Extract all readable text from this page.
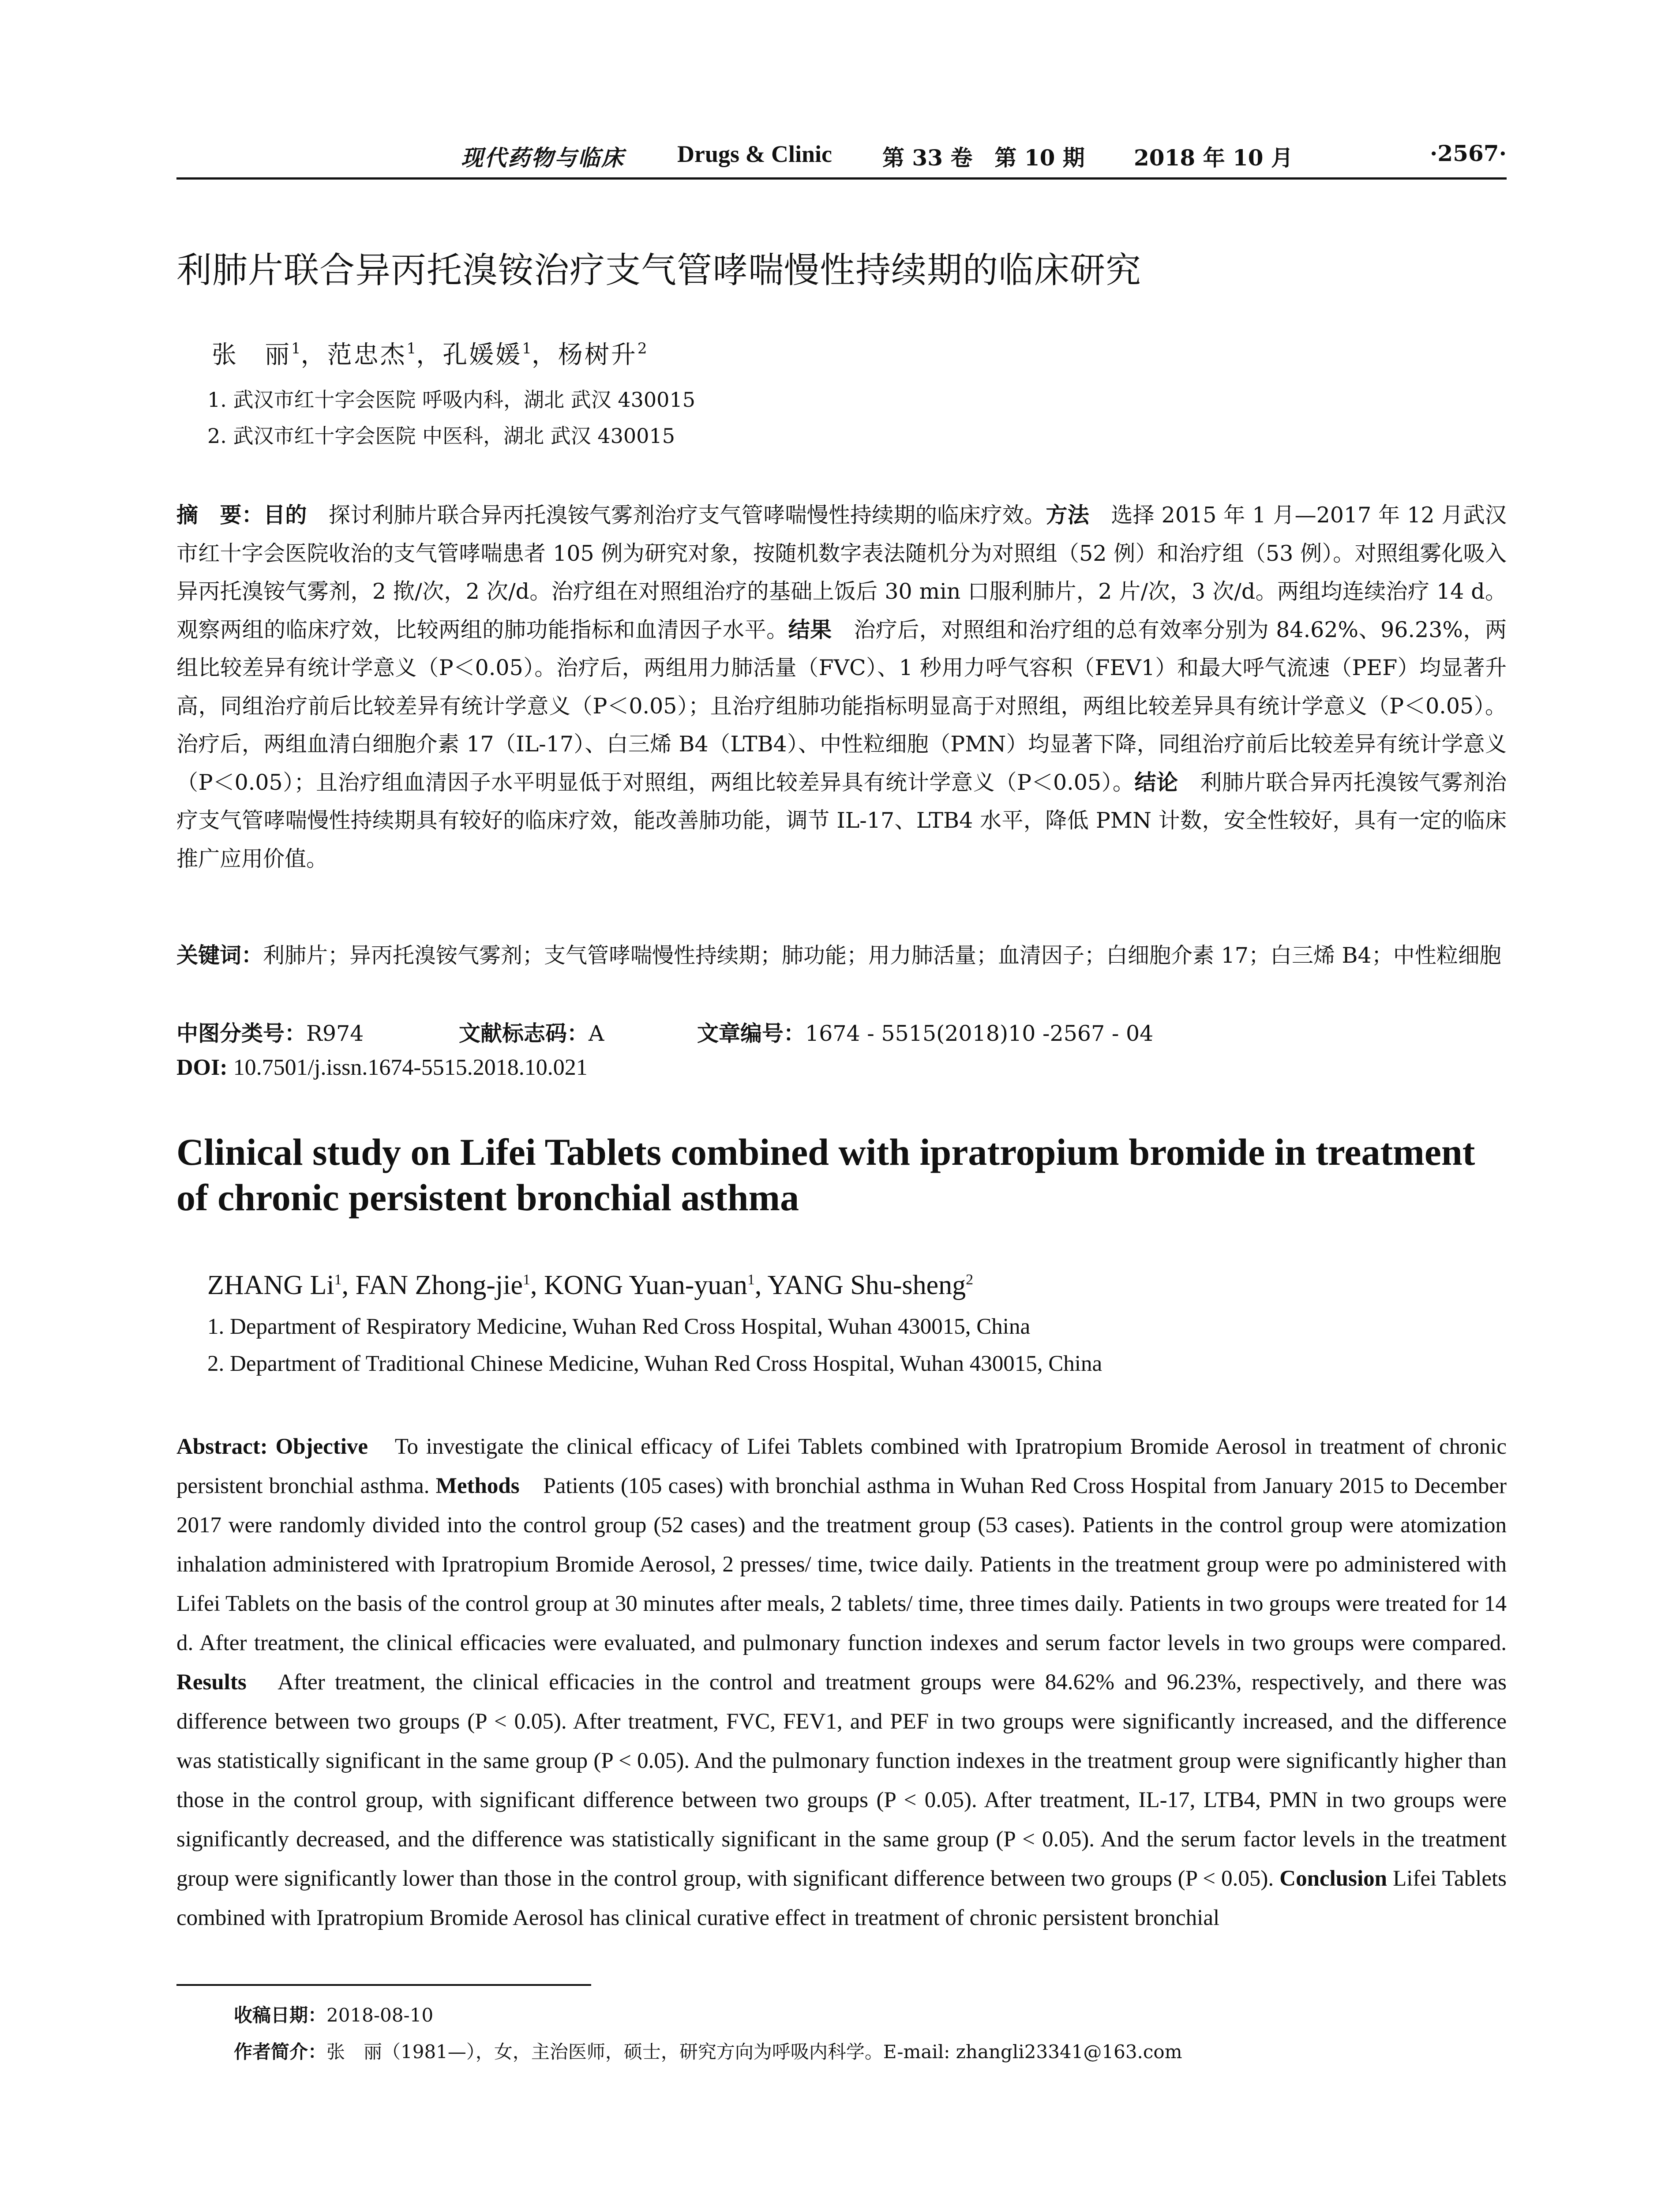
现代药物与临床 Drugs & Clinic 第 33 卷　第 10 期 2018 年 10 月	·2567·
利肺片联合异丙托溴铵治疗支气管哮喘慢性持续期的临床研究
张　丽$^1$，范忠杰$^1$，孔媛媛$^1$，杨树升$^2$
1. 武汉市红十字会医院 呼吸内科，湖北 武汉 430015
2. 武汉市红十字会医院 中医科，湖北 武汉 430015
摘　要：目的　 探讨利肺片联合异丙托溴铵气雾剂治疗支气管哮喘慢性持续期的临床疗效。方法　 选择 2015 年 1 月—2017 年 12 月武汉市红十字会医院收治的支气管哮喘患者 105 例为研究对象，按随机数字表法随机分为对照组（52 例）和治疗组（53 例）。对照组雾化吸入异丙托溴铵气雾剂，2 揿/次，2 次/d。治疗组在对照组治疗的基础上饭后 30 min 口服利肺片，2 片/次，3 次/d。两组均连续治疗 14 d。观察两组的临床疗效，比较两组的肺功能指标和血清因子水平。结果　 治疗后，对照组和治疗组的总有效率分别为 84.62%、96.23%，两组比较差异有统计学意义（P＜0.05）。治疗后，两组用力肺活量（FVC）、1 秒用力呼气容积（FEV1）和最大呼气流速（PEF）均显著升高，同组治疗前后比较差异有统计学意义（P＜0.05）；且治疗组肺功能指标明显高于对照组，两组比较差异具有统计学意义（P＜0.05）。治疗后，两组血清白细胞介素 17（IL-17）、白三烯 B4（LTB4）、中性粒细胞（PMN）均显著下降，同组治疗前后比较差异有统计学意义（P＜0.05）；且治疗组血清因子水平明显低于对照组，两组比较差异具有统计学意义（P＜0.05）。结论　 利肺片联合异丙托溴铵气雾剂治疗支气管哮喘慢性持续期具有较好的临床疗效，能改善肺功能，调节 IL-17、LTB4 水平，降低 PMN 计数，安全性较好，具有一定的临床推广应用价值。
关键词：利肺片；异丙托溴铵气雾剂；支气管哮喘慢性持续期；肺功能；用力肺活量；血清因子；白细胞介素 17；白三烯 B4；中性粒细胞
中图分类号：R974	文献标志码：A	文章编号：1674 - 5515(2018)10 -2567 - 04
DOI: 10.7501/j.issn.1674-5515.2018.10.021
Clinical study on Lifei Tablets combined with ipratropium bromide in treatment of chronic persistent bronchial asthma
ZHANG Li$^1$, FAN Zhong-jie$^1$, KONG Yuan-yuan$^1$, YANG Shu-sheng$^2$
1. Department of Respiratory Medicine, Wuhan Red Cross Hospital, Wuhan 430015, China
2. Department of Traditional Chinese Medicine, Wuhan Red Cross Hospital, Wuhan 430015, China
Abstract: Objective　 To investigate the clinical efficacy of Lifei Tablets combined with Ipratropium Bromide Aerosol in treatment of chronic persistent bronchial asthma. Methods　 Patients (105 cases) with bronchial asthma in Wuhan Red Cross Hospital from January 2015 to December 2017 were randomly divided into the control group (52 cases) and the treatment group (53 cases). Patients in the control group were atomization inhalation administered with Ipratropium Bromide Aerosol, 2 presses/ time, twice daily. Patients in the treatment group were po administered with Lifei Tablets on the basis of the control group at 30 minutes after meals, 2 tablets/ time, three times daily. Patients in two groups were treated for 14 d. After treatment, the clinical efficacies were evaluated, and pulmonary function indexes and serum factor levels in two groups were compared. Results　 After treatment, the clinical efficacies in the control and treatment groups were 84.62% and 96.23%, respectively, and there was difference between two groups (P < 0.05). After treatment, FVC, FEV1, and PEF in two groups were significantly increased, and the difference was statistically significant in the same group (P < 0.05). And the pulmonary function indexes in the treatment group were significantly higher than those in the control group, with significant difference between two groups (P < 0.05). After treatment, IL-17, LTB4, PMN in two groups were significantly decreased, and the difference was statistically significant in the same group (P < 0.05). And the serum factor levels in the treatment group were significantly lower than those in the control group, with significant difference between two groups (P < 0.05). Conclusion Lifei Tablets combined with Ipratropium Bromide Aerosol has clinical curative effect in treatment of chronic persistent bronchial
收稿日期：2018-08-10
作者简介：张　丽（1981—），女，主治医师，硕士，研究方向为呼吸内科学。E-mail: zhangli23341@163.com
